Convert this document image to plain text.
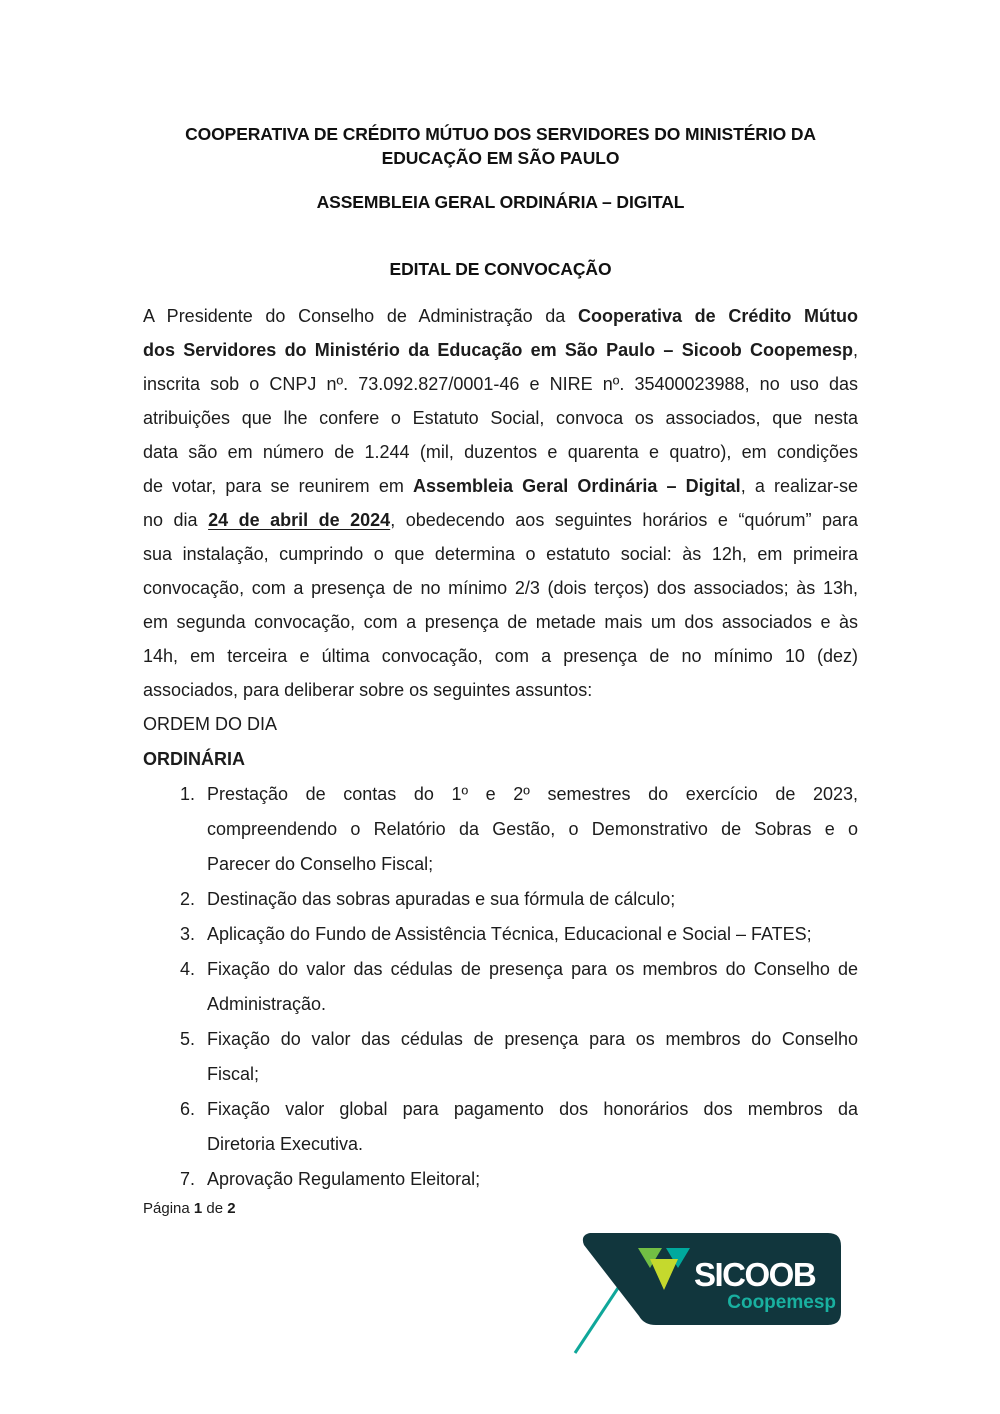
COOPERATIVA DE CRÉDITO MÚTUO DOS SERVIDORES DO MINISTÉRIO DA
EDUCAÇÃO EM SÃO PAULO
ASSEMBLEIA GERAL ORDINÁRIA – DIGITAL
EDITAL DE CONVOCAÇÃO
A Presidente do Conselho de Administração da Cooperativa de Crédito Mútuo
dos Servidores do Ministério da Educação em São Paulo – Sicoob Coopemesp,
inscrita sob o CNPJ nº. 73.092.827/0001-46 e NIRE nº. 35400023988, no uso das
atribuições que lhe confere o Estatuto Social, convoca os associados, que nesta
data são em número de 1.244 (mil, duzentos e quarenta e quatro), em condições
de votar, para se reunirem em Assembleia Geral Ordinária – Digital, a realizar-se
no dia 24 de abril de 2024, obedecendo aos seguintes horários e “quórum” para
sua instalação, cumprindo o que determina o estatuto social: às 12h, em primeira
convocação, com a presença de no mínimo 2/3 (dois terços) dos associados; às 13h,
em segunda convocação, com a presença de metade mais um dos associados e às
14h, em terceira e última convocação, com a presença de no mínimo 10 (dez)
associados, para deliberar sobre os seguintes assuntos:
ORDEM DO DIA
ORDINÁRIA
1. Prestação de contas do 1º e 2º semestres do exercício de 2023,
compreendendo o Relatório da Gestão, o Demonstrativo de Sobras e o
Parecer do Conselho Fiscal;
2. Destinação das sobras apuradas e sua fórmula de cálculo;
3. Aplicação do Fundo de Assistência Técnica, Educacional e Social – FATES;
4. Fixação do valor das cédulas de presença para os membros do Conselho de
Administração.
5. Fixação do valor das cédulas de presença para os membros do Conselho
Fiscal;
6. Fixação valor global para pagamento dos honorários dos membros da
Diretoria Executiva.
7. Aprovação Regulamento Eleitoral;
Página 1 de 2
SICOOB
Coopemesp
